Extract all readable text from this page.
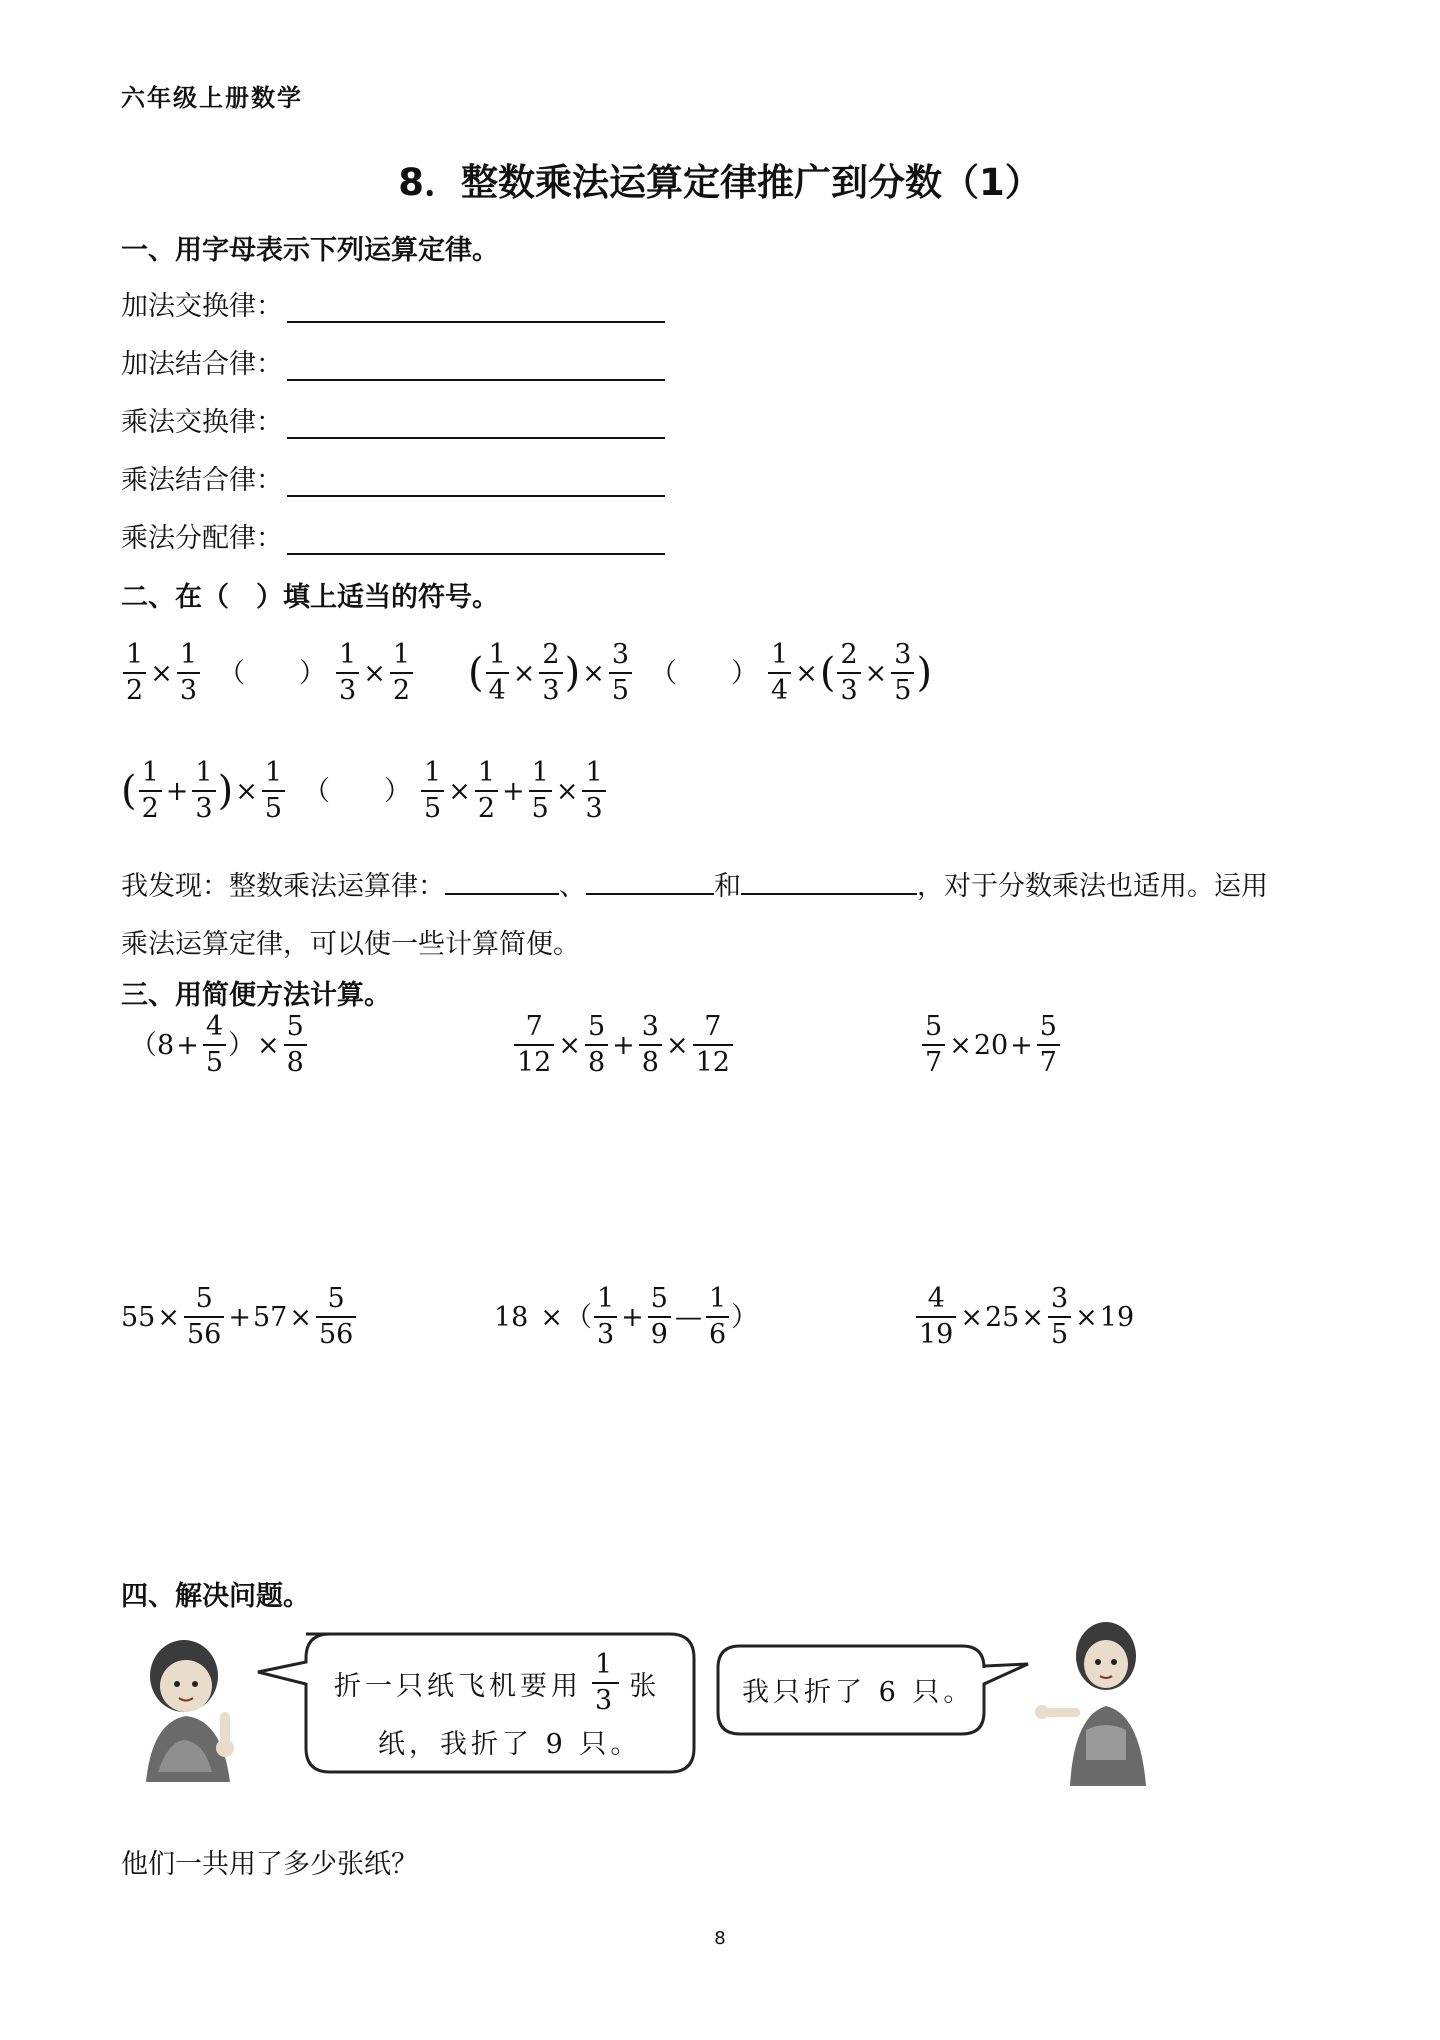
六年级上册数学
8．整数乘法运算定律推广到分数（1）
一、用字母表示下列运算定律。
加法交换律：
加法结合律：
乘法交换律：
乘法结合律：
乘法分配律：
二、在（　）填上适当的符号。
$\frac{1}{2} \times \frac{1}{3}$ （　　） $\frac{1}{3} \times \frac{1}{2}$ ( $\frac{1}{4} \times \frac{2}{3}$ ) × $\frac{3}{5}$ （　　） $\frac{1}{4}$ × ( $\frac{2}{3} \times \frac{3}{5}$ )
( $\frac{1}{2} + \frac{1}{3}$ ) × $\frac{1}{5}$ （　　） $\frac{1}{5} \times \frac{1}{2} + \frac{1}{5} \times \frac{1}{3}$
我发现：整数乘法运算律：	、	和	，对于分数乘法也适用。运用
乘法运算定律，可以使一些计算简便。
三、用简便方法计算。
（ $8 + \frac{4}{5}$ ） × $\frac{5}{8}$	$\frac{7}{12} \times \frac{5}{8} + \frac{3}{8} \times \frac{7}{12}$	$\frac{5}{7} \times 20 + \frac{5}{7}$
$55 \times \frac{5}{56} + 57 \times \frac{5}{56}$	18 × （ $\frac{1}{3} + \frac{5}{9}$ — $\frac{1}{6}$ ）	$\frac{4}{19} \times 25 \times \frac{3}{5} \times 19$
四、解决问题。
折一只纸飞机要用 $\frac{1}{3}$ 张
纸，我折了 9 只。
我只折了 6 只。
他们一共用了多少张纸？
8
